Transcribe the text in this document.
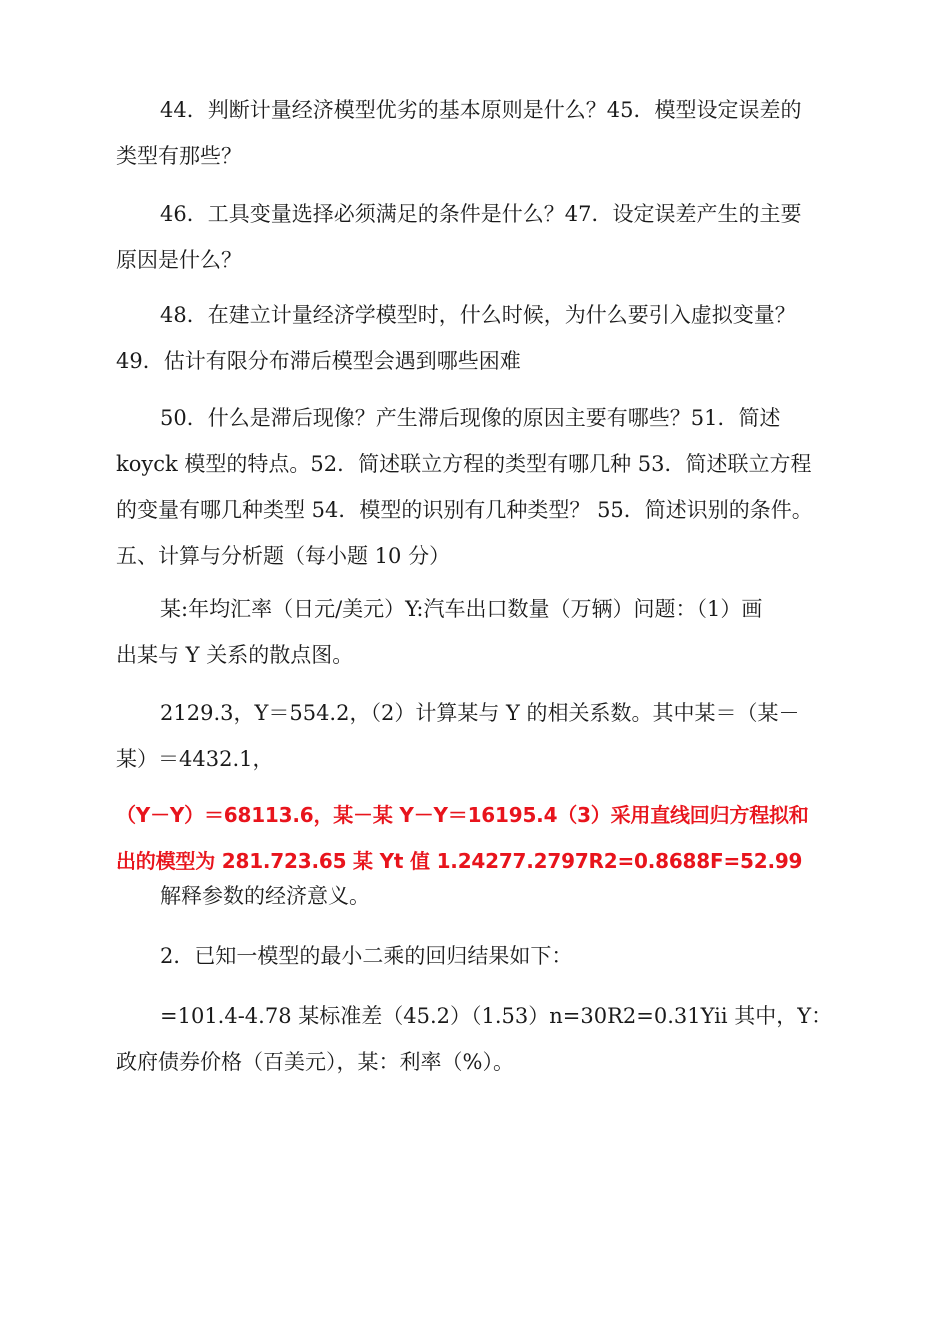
44．判断计量经济模型优劣的基本原则是什么？45．模型设定误差的
类型有那些？
46．工具变量选择必须满足的条件是什么？47．设定误差产生的主要
原因是什么？
48．在建立计量经济学模型时，什么时候，为什么要引入虚拟变量？
49．估计有限分布滞后模型会遇到哪些困难
50．什么是滞后现像？产生滞后现像的原因主要有哪些？51．简述
koyck 模型的特点。52．简述联立方程的类型有哪几种 53．简述联立方程
的变量有哪几种类型 54．模型的识别有几种类型？ 55．简述识别的条件。
五、计算与分析题（每小题 10 分）
某:年均汇率（日元/美元）Y:汽车出口数量（万辆）问题：（1）画
出某与 Y 关系的散点图。
2129.3，Y＝554.2，（2）计算某与 Y 的相关系数。其中某＝（某－
某）＝4432.1，
（Y－Y）＝68113.6，某－某 Y－Y＝16195.4（3）采用直线回归方程拟和
出的模型为 281.723.65 某 Yt 值 1.24277.2797R2=0.8688F=52.99
解释参数的经济意义。
2．已知一模型的最小二乘的回归结果如下：
=101.4-4.78 某标准差（45.2）（1.53）n=30R2=0.31Yii 其中，Y：
政府债券价格（百美元），某：利率（%）。
